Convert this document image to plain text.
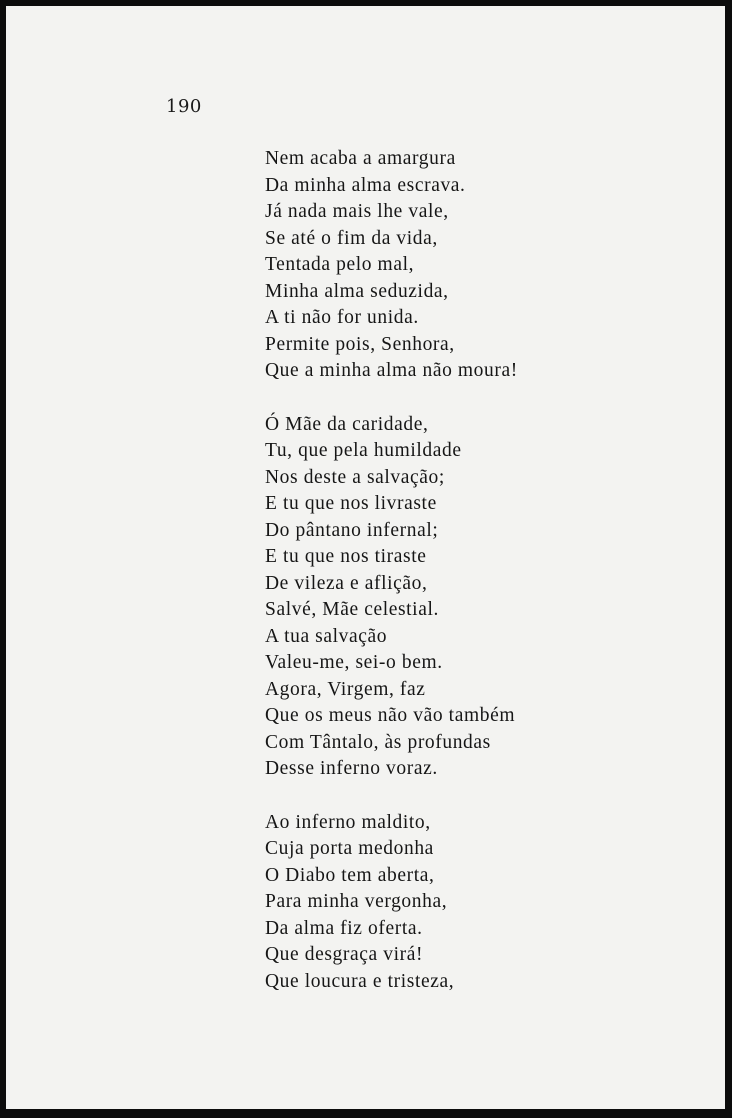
190
Nem acaba a amargura
Da minha alma escrava.
Já nada mais lhe vale,
Se até o fim da vida,
Tentada pelo mal,
Minha alma seduzida,
A ti não for unida.
Permite pois, Senhora,
Que a minha alma não moura!
Ó Mãe da caridade,
Tu, que pela humildade
Nos deste a salvação;
E tu que nos livraste
Do pântano infernal;
E tu que nos tiraste
De vileza e aflição,
Salvé, Mãe celestial.
A tua salvação
Valeu-me, sei-o bem.
Agora, Virgem, faz
Que os meus não vão também
Com Tântalo, às profundas
Desse inferno voraz.
Ao inferno maldito,
Cuja porta medonha
O Diabo tem aberta,
Para minha vergonha,
Da alma fiz oferta.
Que desgraça virá!
Que loucura e tristeza,
